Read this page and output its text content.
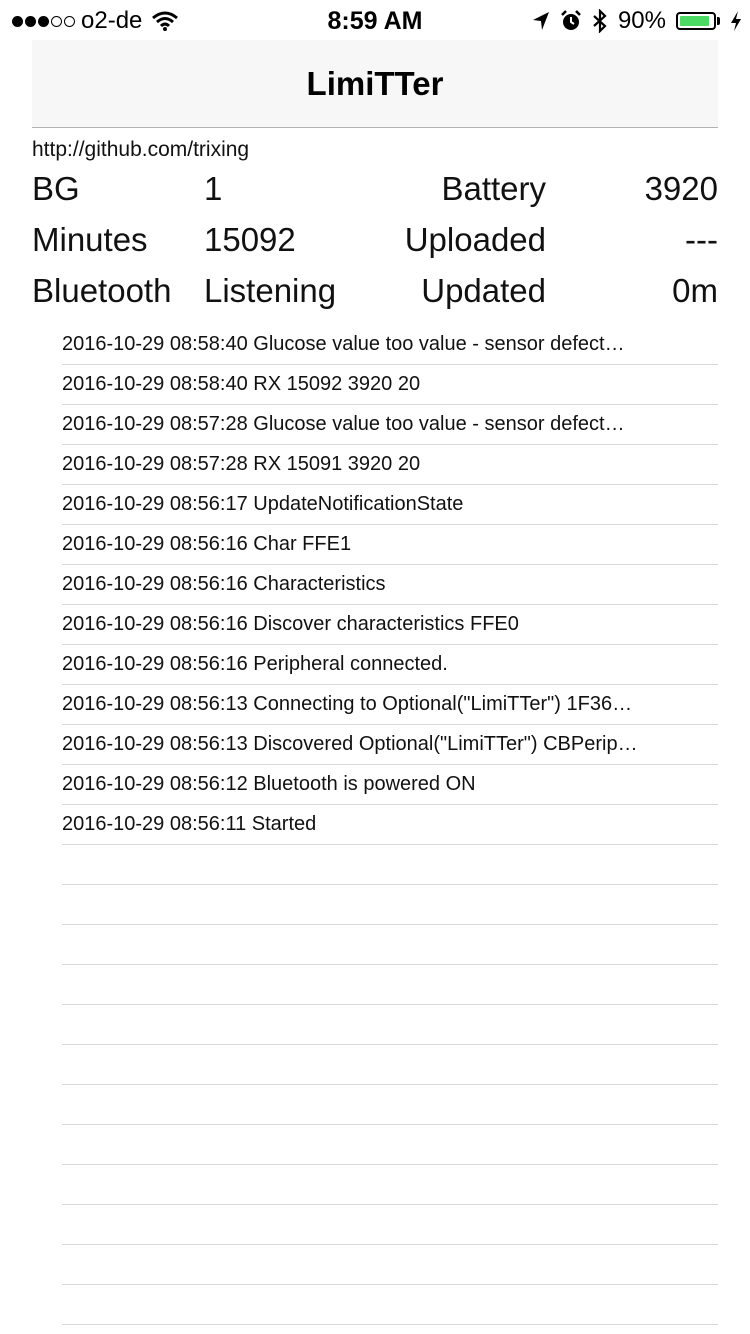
o2-de	8:59 AM	90%
LimiTTer
http://github.com/trixing
BG	1	Battery	3920
Minutes 15092	Uploaded	---
Bluetooth Listening	Updated	0m
2016-10-29 08:58:40 Glucose value too value - sensor defect…
2016-10-29 08:58:40 RX 15092 3920 20
2016-10-29 08:57:28 Glucose value too value - sensor defect…
2016-10-29 08:57:28 RX 15091 3920 20
2016-10-29 08:56:17 UpdateNotificationState
2016-10-29 08:56:16 Char FFE1
2016-10-29 08:56:16 Characteristics
2016-10-29 08:56:16 Discover characteristics FFE0
2016-10-29 08:56:16 Peripheral connected.
2016-10-29 08:56:13 Connecting to Optional("LimiTTer") 1F36…
2016-10-29 08:56:13 Discovered Optional("LimiTTer") CBPerip…
2016-10-29 08:56:12 Bluetooth is powered ON
2016-10-29 08:56:11 Started
